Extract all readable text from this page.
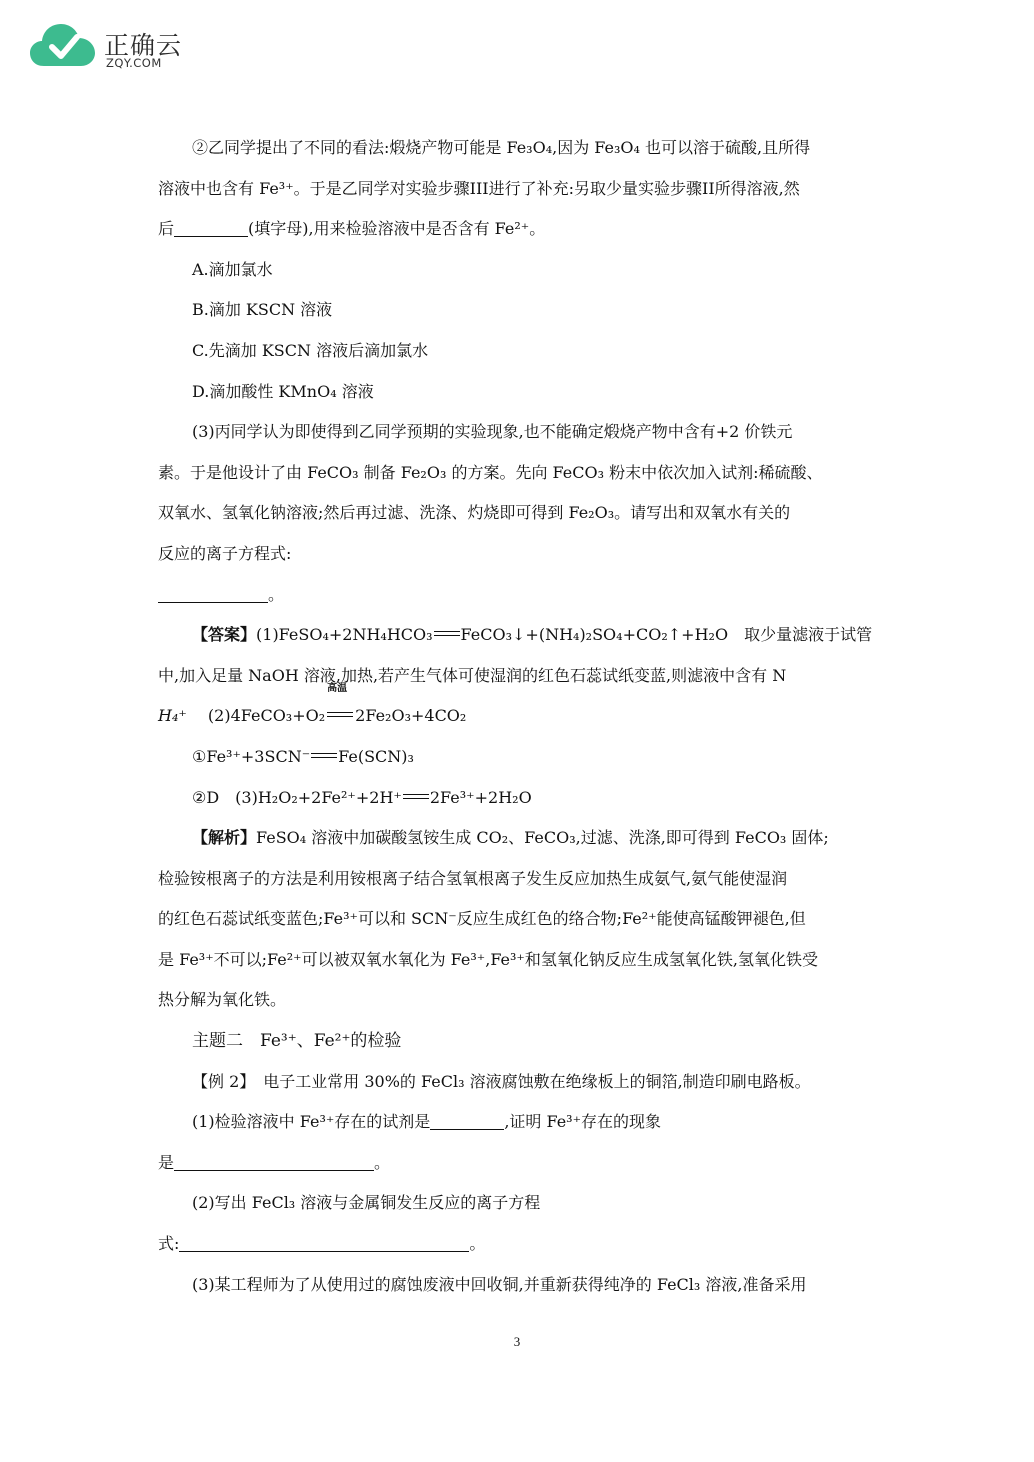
正确云
ZQY.COM

②乙同学提出了不同的看法:煅烧产物可能是 Fe₃O₄,因为 Fe₃O₄ 也可以溶于硫酸,且所得

溶液中也含有 Fe³⁺。于是乙同学对实验步骤III进行了补充:另取少量实验步骤II所得溶液,然

后	(填字母),用来检验溶液中是否含有 Fe²⁺。

A.滴加氯水

B.滴加 KSCN 溶液

C.先滴加 KSCN 溶液后滴加氯水

D.滴加酸性 KMnO₄ 溶液

(3)丙同学认为即使得到乙同学预期的实验现象,也不能确定煅烧产物中含有+2 价铁元

素。于是他设计了由 FeCO₃ 制备 Fe₂O₃ 的方案。先向 FeCO₃ 粉末中依次加入试剂:稀硫酸、

双氧水、氢氧化钠溶液;然后再过滤、洗涤、灼烧即可得到 Fe₂O₃。请写出和双氧水有关的

反应的离子方程式:

。

【答案】(1)FeSO₄+2NH₄HCO₃ FeCO₃↓+(NH₄)₂SO₄+CO₂↑+H₂O　取少量滤液于试管

中,加入足量 NaOH 溶液,加热,若产生气体可使湿润的红色石蕊试纸变蓝,则滤液中含有 N

H₄⁺　 (2)4FeCO₃+O₂
高温
2Fe₂O₃+4CO₂

①Fe³⁺+3SCN⁻ Fe(SCN)₃

②D　(3)H₂O₂+2Fe²⁺+2H⁺ 2Fe³⁺+2H₂O

【解析】FeSO₄ 溶液中加碳酸氢铵生成 CO₂、FeCO₃,过滤、洗涤,即可得到 FeCO₃ 固体;

检验铵根离子的方法是利用铵根离子结合氢氧根离子发生反应加热生成氨气,氨气能使湿润

的红色石蕊试纸变蓝色;Fe³⁺可以和 SCN⁻反应生成红色的络合物;Fe²⁺能使高锰酸钾褪色,但

是 Fe³⁺不可以;Fe²⁺可以被双氧水氧化为 Fe³⁺,Fe³⁺和氢氧化钠反应生成氢氧化铁,氢氧化铁受

热分解为氧化铁。

主题二　Fe³⁺、Fe²⁺的检验

【例 2】　电子工业常用 30%的 FeCl₃ 溶液腐蚀敷在绝缘板上的铜箔,制造印刷电路板。

(1)检验溶液中 Fe³⁺存在的试剂是	,证明 Fe³⁺存在的现象

是	。

(2)写出 FeCl₃ 溶液与金属铜发生反应的离子方程

式:	。

(3)某工程师为了从使用过的腐蚀废液中回收铜,并重新获得纯净的 FeCl₃ 溶液,准备采用

3
